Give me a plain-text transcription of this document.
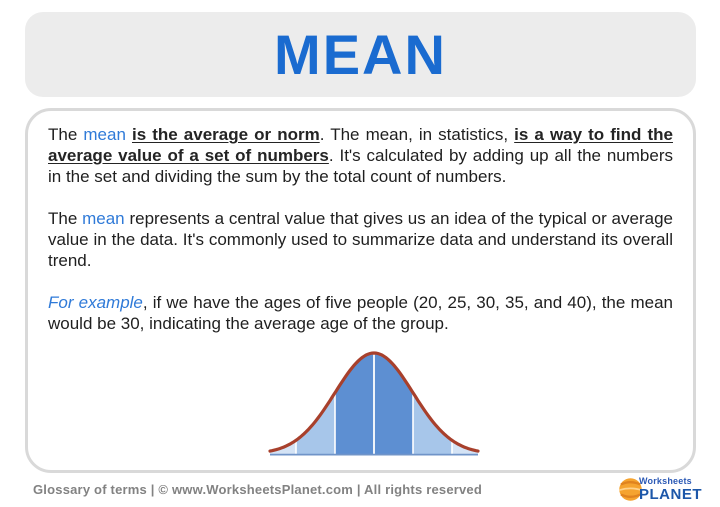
MEAN

The mean is the average or norm. The mean, in statistics, is a way to find the average value of a set of numbers. It's calculated by adding up all the numbers in the set and dividing the sum by the total count of numbers.

The mean represents a central value that gives us an idea of the typical or average value in the data. It's commonly used to summarize data and understand its overall trend.

For example, if we have the ages of five people (20, 25, 30, 35, and 40), the mean would be 30, indicating the average age of the group.

Glossary of terms | © www.WorksheetsPlanet.com | All rights reserved
Worksheets
PLANET
